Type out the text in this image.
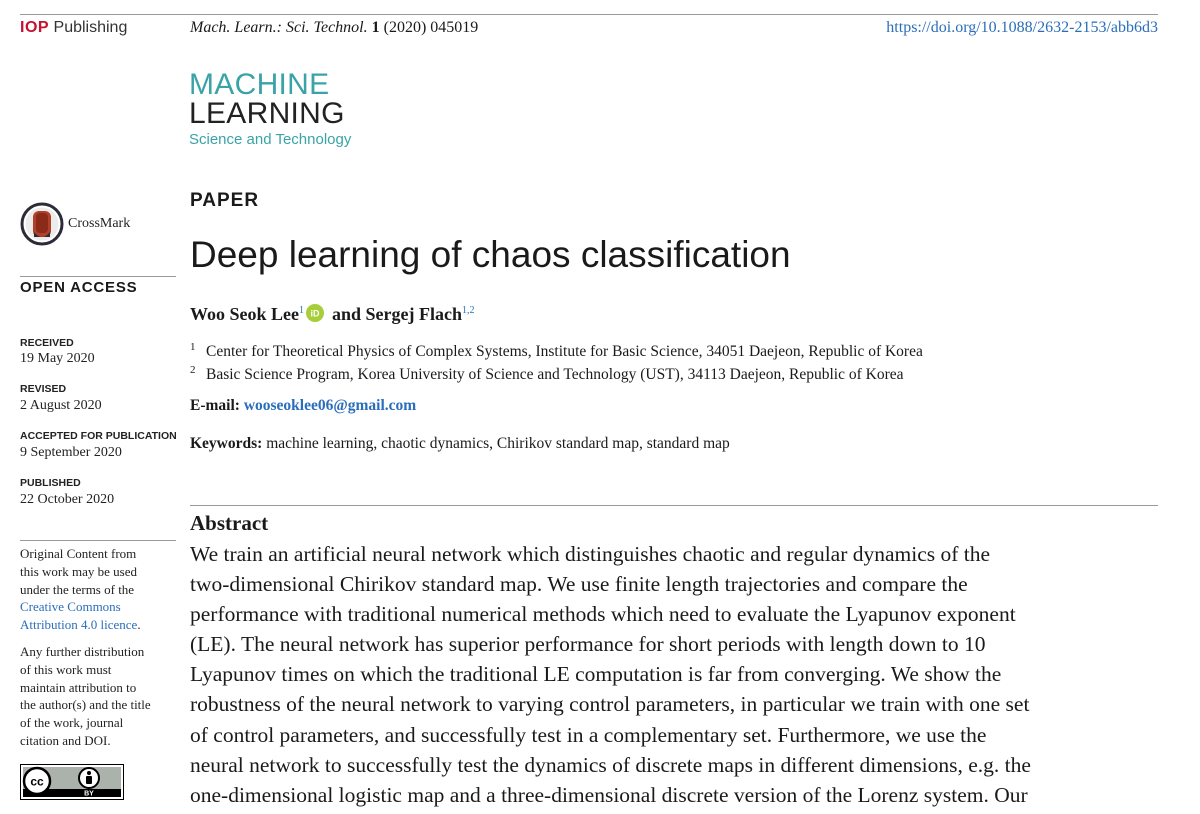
IOP Publishing	Mach. Learn.: Sci. Technol. 1 (2020) 045019	https://doi.org/10.1088/2632-2153/abb6d3
MACHINE
LEARNING
Science and Technology
CrossMark
OPEN ACCESS
RECEIVED
19 May 2020
REVISED
2 August 2020
ACCEPTED FOR PUBLICATION
9 September 2020
PUBLISHED
22 October 2020
Original Content from
this work may be used
under the terms of the
Creative Commons
Attribution 4.0 licence.
Any further distribution
of this work must
maintain attribution to
the author(s) and the title
of the work, journal
citation and DOI.
cc
BY
PAPER
Deep learning of chaos classification
Woo Seok Lee$^1$ iD and Sergej Flach$^{1,2}$
1 Center for Theoretical Physics of Complex Systems, Institute for Basic Science, 34051 Daejeon, Republic of Korea
2 Basic Science Program, Korea University of Science and Technology (UST), 34113 Daejeon, Republic of Korea
E-mail: wooseoklee06@gmail.com
Keywords: machine learning, chaotic dynamics, Chirikov standard map, standard map
Abstract
We train an artificial neural network which distinguishes chaotic and regular dynamics of the
two-dimensional Chirikov standard map. We use finite length trajectories and compare the
performance with traditional numerical methods which need to evaluate the Lyapunov exponent
(LE). The neural network has superior performance for short periods with length down to 10
Lyapunov times on which the traditional LE computation is far from converging. We show the
robustness of the neural network to varying control parameters, in particular we train with one set
of control parameters, and successfully test in a complementary set. Furthermore, we use the
neural network to successfully test the dynamics of discrete maps in different dimensions, e.g. the
one-dimensional logistic map and a three-dimensional discrete version of the Lorenz system. Our
